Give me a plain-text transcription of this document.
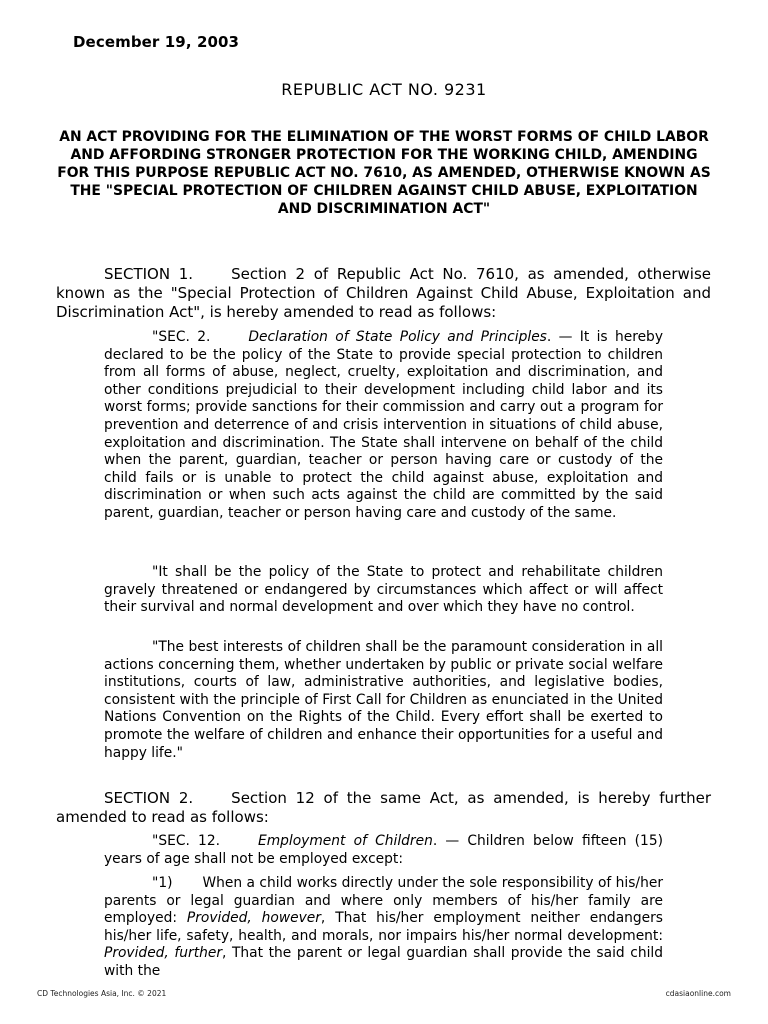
December 19, 2003
REPUBLIC ACT NO. 9231
AN ACT PROVIDING FOR THE ELIMINATION OF THE WORST FORMS OF CHILD LABOR AND AFFORDING STRONGER PROTECTION FOR THE WORKING CHILD, AMENDING FOR THIS PURPOSE REPUBLIC ACT NO. 7610, AS AMENDED, OTHERWISE KNOWN AS THE "SPECIAL PROTECTION OF CHILDREN AGAINST CHILD ABUSE, EXPLOITATION AND DISCRIMINATION ACT"

SECTION 1.	Section 2 of Republic Act No. 7610, as amended, otherwise known as the "Special Protection of Children Against Child Abuse, Exploitation and Discrimination Act", is hereby amended to read as follows:

"SEC. 2.	Declaration of State Policy and Principles. — It is hereby declared to be the policy of the State to provide special protection to children from all forms of abuse, neglect, cruelty, exploitation and discrimination, and other conditions prejudicial to their development including child labor and its worst forms; provide sanctions for their commission and carry out a program for prevention and deterrence of and crisis intervention in situations of child abuse, exploitation and discrimination. The State shall intervene on behalf of the child when the parent, guardian, teacher or person having care or custody of the child fails or is unable to protect the child against abuse, exploitation and discrimination or when such acts against the child are committed by the said parent, guardian, teacher or person having care and custody of the same.

"It shall be the policy of the State to protect and rehabilitate children gravely threatened or endangered by circumstances which affect or will affect their survival and normal development and over which they have no control.

"The best interests of children shall be the paramount consideration in all actions concerning them, whether undertaken by public or private social welfare institutions, courts of law, administrative authorities, and legislative bodies, consistent with the principle of First Call for Children as enunciated in the United Nations Convention on the Rights of the Child. Every effort shall be exerted to promote the welfare of children and enhance their opportunities for a useful and happy life."

SECTION 2.	Section 12 of the same Act, as amended, is hereby further amended to read as follows:

"SEC. 12.	Employment of Children. — Children below fifteen (15) years of age shall not be employed except:

"1) When a child works directly under the sole responsibility of his/her parents or legal guardian and where only members of his/her family are employed: Provided, however, That his/her employment neither endangers his/her life, safety, health, and morals, nor impairs his/her normal development: Provided, further, That the parent or legal guardian shall provide the said child with the

CD Technologies Asia, Inc. © 2021	cdasiaonline.com
